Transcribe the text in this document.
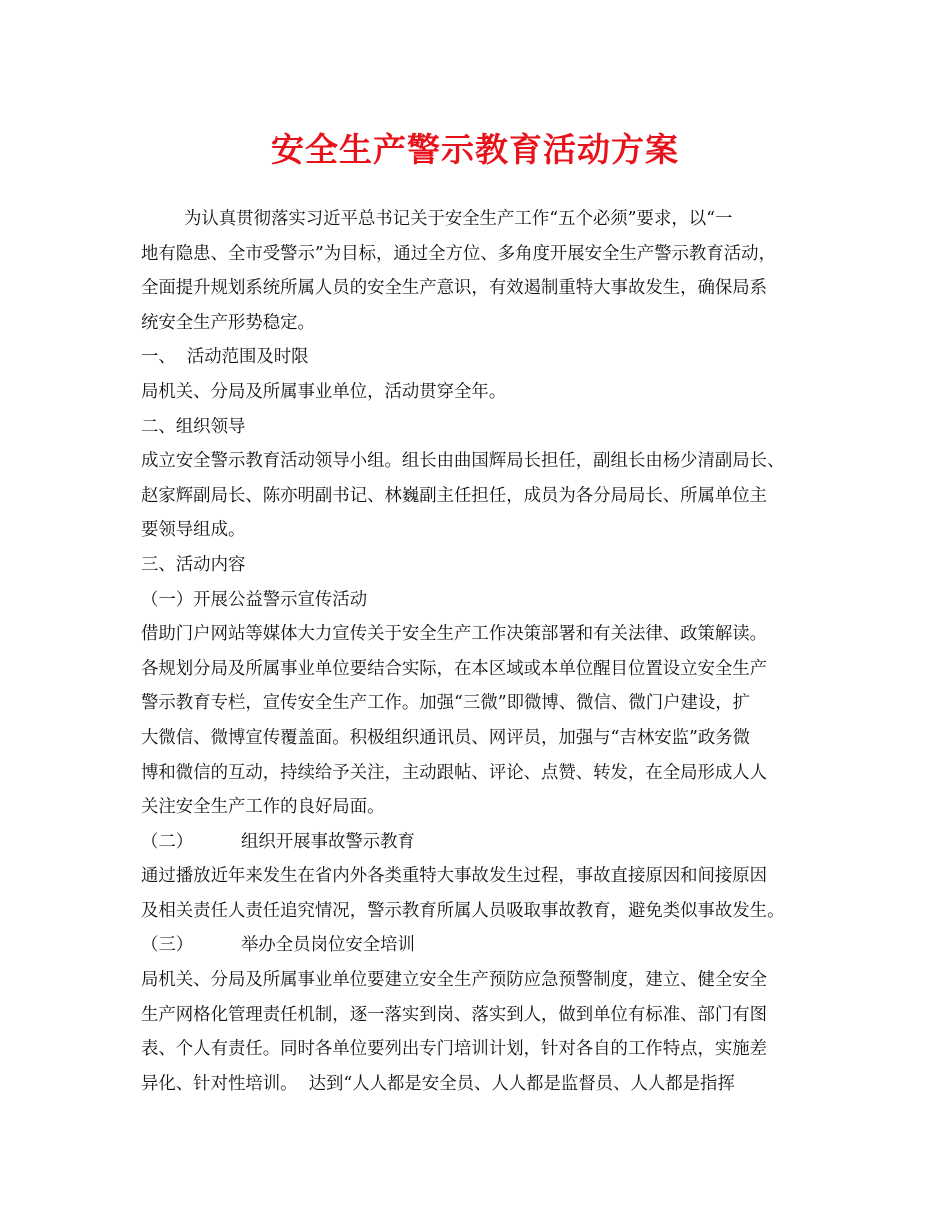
安全生产警示教育活动方案
为认真贯彻落实习近平总书记关于安全生产工作“五个必须”要求，以“一
地有隐患、全市受警示”为目标，通过全方位、多角度开展安全生产警示教育活动，
全面提升规划系统所属人员的安全生产意识，有效遏制重特大事故发生，确保局系
统安全生产形势稳定。
一、  活动范围及时限
局机关、分局及所属事业单位，活动贯穿全年。
二、组织领导
成立安全警示教育活动领导小组。组长由曲国辉局长担任，副组长由杨少清副局长、
赵家辉副局长、陈亦明副书记、林巍副主任担任，成员为各分局局长、所属单位主
要领导组成。
三、活动内容
（一）开展公益警示宣传活动
借助门户网站等媒体大力宣传关于安全生产工作决策部署和有关法律、政策解读。
各规划分局及所属事业单位要结合实际，在本区域或本单位醒目位置设立安全生产
警示教育专栏，宣传安全生产工作。加强“三微”即微博、微信、微门户建设，扩
大微信、微博宣传覆盖面。积极组织通讯员、网评员，加强与“吉林安监”政务微
博和微信的互动，持续给予关注，主动跟帖、评论、点赞、转发，在全局形成人人
关注安全生产工作的良好局面。
（二）	组织开展事故警示教育
通过播放近年来发生在省内外各类重特大事故发生过程，事故直接原因和间接原因
及相关责任人责任追究情况，警示教育所属人员吸取事故教育，避免类似事故发生。
（三）	举办全员岗位安全培训
局机关、分局及所属事业单位要建立安全生产预防应急预警制度，建立、健全安全
生产网格化管理责任机制，逐一落实到岗、落实到人，做到单位有标准、部门有图
表、个人有责任。同时各单位要列出专门培训计划，针对各自的工作特点，实施差
异化、针对性培训。  达到“人人都是安全员、人人都是监督员、人人都是指挥
